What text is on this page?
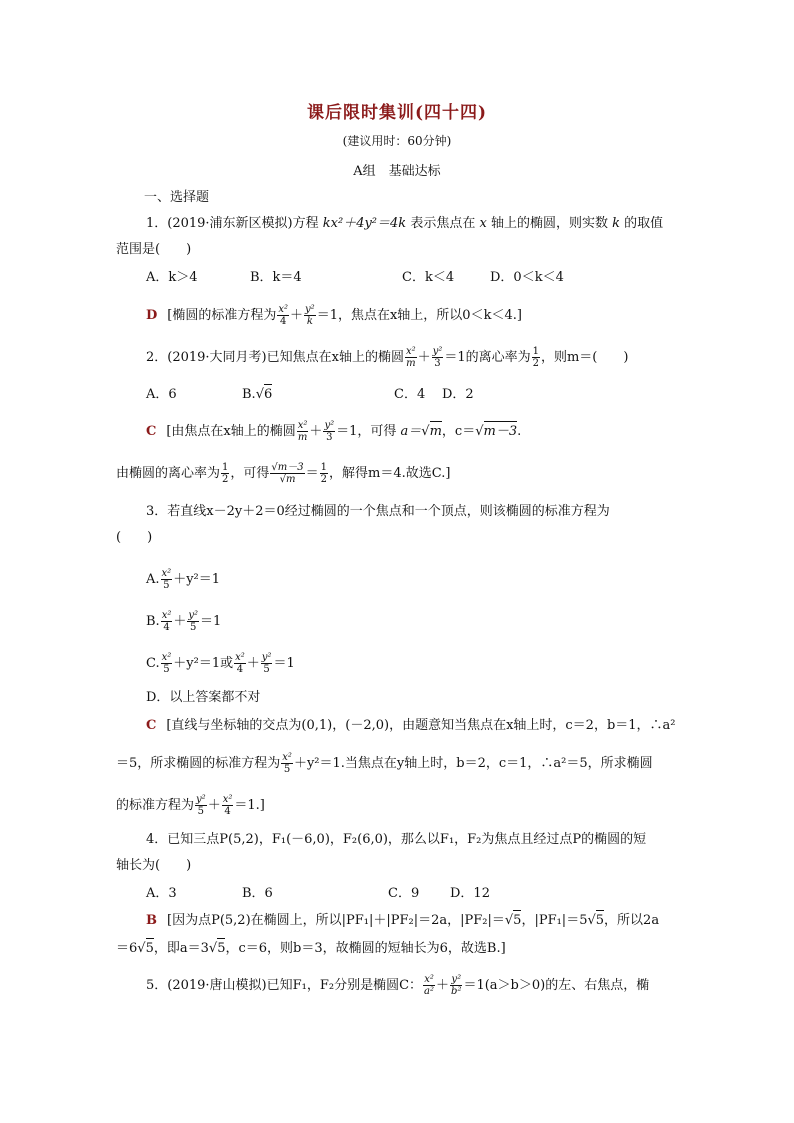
课后限时集训(四十四)
(建议用时：60分钟)
A组　基础达标
一、选择题
1．(2019·浦东新区模拟)方程 kx²＋4y²＝4k 表示焦点在 x 轴上的椭圆，则实数 k 的取值
范围是(　　)
A．k＞4	B．k＝4	C．k＜4	D．0＜k＜4
D [椭圆的标准方程为 $\frac{\text{x²}}{4} + \frac{\text{y²}}{k} =1$，焦点在x轴上，所以0＜k＜4.]
2．(2019·大同月考)已知焦点在x轴上的椭圆 $\frac{\text{x²}}{m} + \frac{\text{y²}}{3} =1$的离心率为 $\frac{1}{2}$ ，则m＝(　　)
A．6	B.√6	C．4 D．2
C [由焦点在x轴上的椭圆 $\frac{\text{x²}}{m} + \frac{\text{y²}}{3} =1$，可得 a＝√m，c＝√m－3.
由椭圆的离心率为 $\frac{1}{2}$ ，可得 $\frac{√m-3}{√m} = \frac{1}{2}$ ，解得m＝4.故选C.]
3．若直线x－2y＋2＝0经过椭圆的一个焦点和一个顶点，则该椭圆的标准方程为
(　　)
A. $\frac{\text{x²}}{5} +y^2=1$
B. $\frac{\text{x²}}{4} + \frac{\text{y²}}{5} =1$
C. $\frac{\text{x²}}{5} +y^2=1$或 $\frac{\text{x²}}{4} + \frac{\text{y²}}{5} =1$
D．以上答案都不对
C [直线与坐标轴的交点为(0,1)，(－2,0)，由题意知当焦点在x轴上时，c＝2，b＝1，∴a²
＝5，所求椭圆的标准方程为 $\frac{\text{x²}}{5} +y^2=1$.当焦点在y轴上时，b＝2，c＝1，∴a²＝5，所求椭圆
的标准方程为 $\frac{\text{y²}}{5} + \frac{\text{x²}}{4} =1$.]
4．已知三点P(5,2)，F₁(－6,0)，F₂(6,0)，那么以F₁，F₂为焦点且经过点P的椭圆的短
轴长为(　　)
A．3	B．6	C．9 D．12
B [因为点P(5,2)在椭圆上，所以|PF₁|＋|PF₂|＝2a，|PF₂|＝√5，|PF₁|＝5√5，所以2a
＝6√5，即a＝3√5，c＝6，则b＝3，故椭圆的短轴长为6，故选B.]
5．(2019·唐山模拟)已知F₁，F₂分别是椭圆C： $\frac{\text{x²}}{\text{a²}} + \frac{\text{y²}}{\text{b²}} =1(a>b>0)$的左、右焦点，椭
